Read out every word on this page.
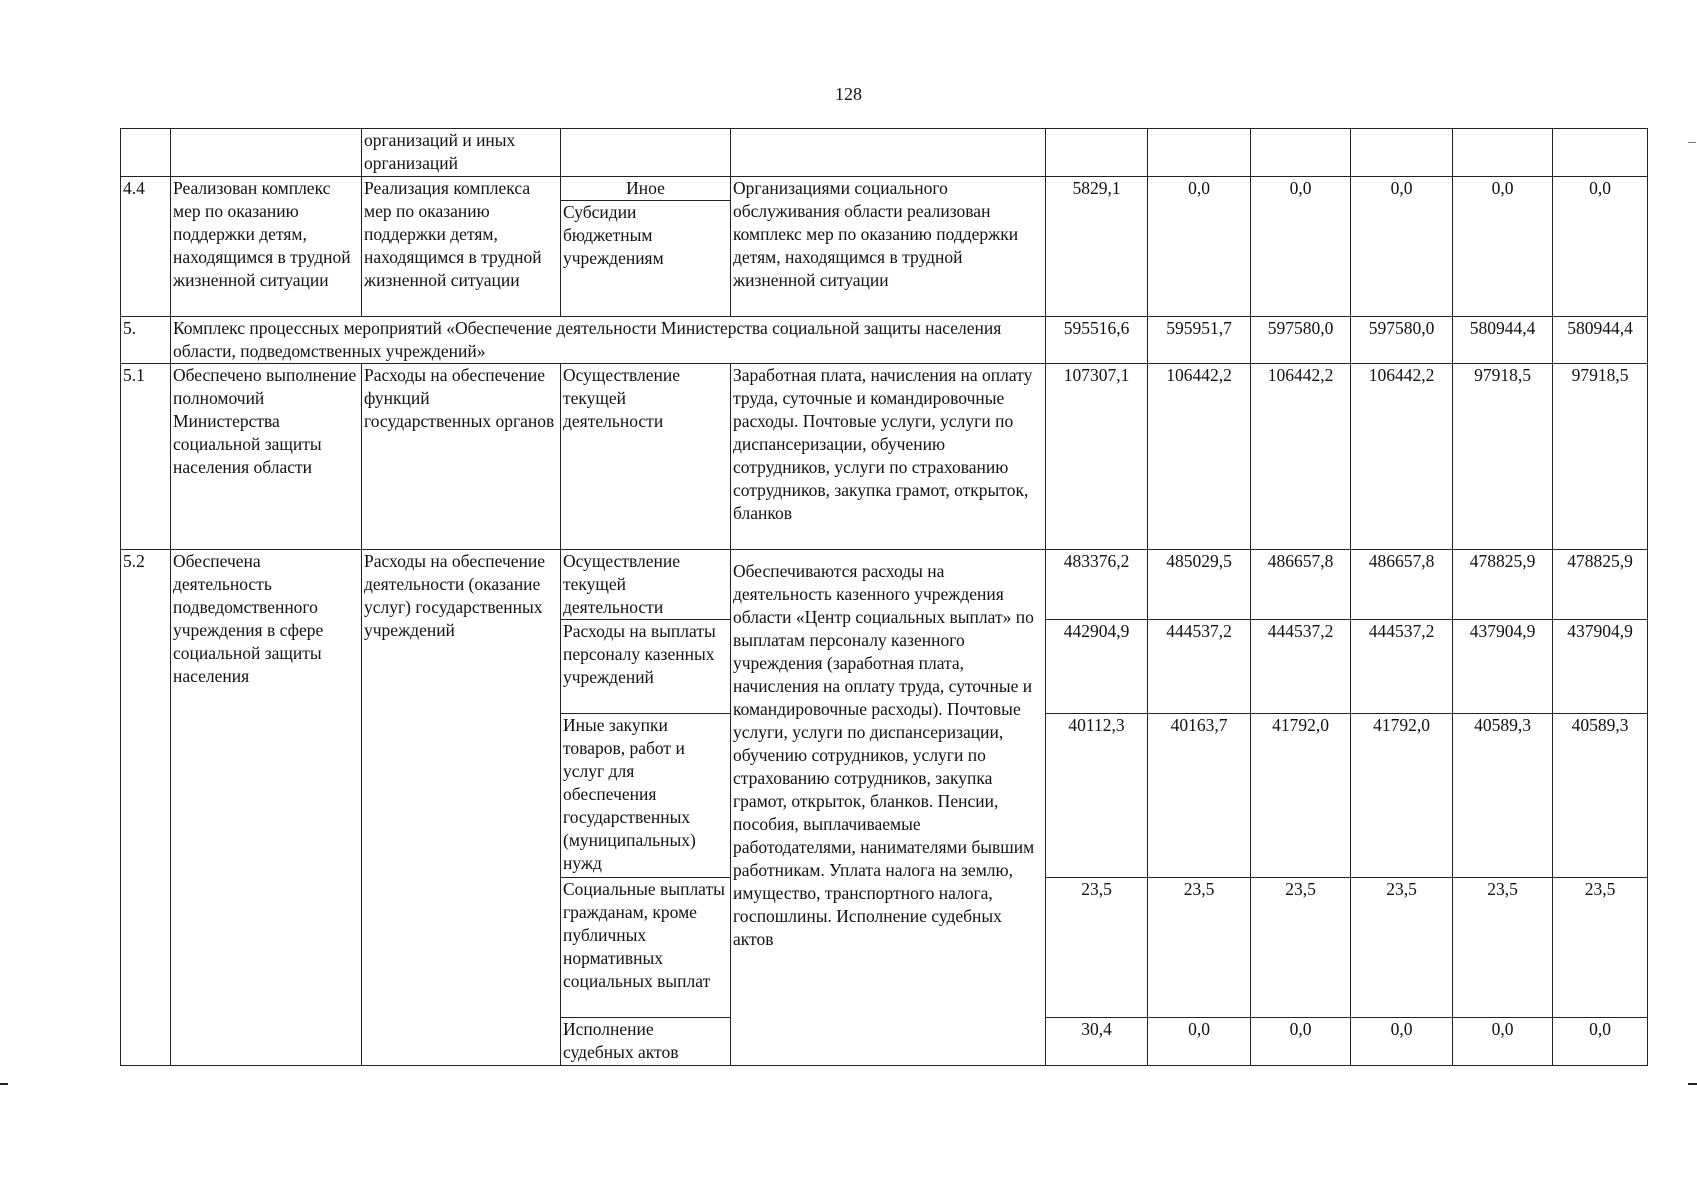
128
		организаций и иных организаций								
4.4	Реализован комплекс мер по оказанию поддержки детям, находящимся в трудной жизненной ситуации	Реализация комплекса мер по оказанию поддержки детям, находящимся в трудной жизненной ситуации	Иное	Организациями социального обслуживания области реализован комплекс мер по оказанию поддержки детям, находящимся в трудной жизненной ситуации	5829,1	0,0	0,0	0,0	0,0	0,0
			Субсидии бюджетным учреждениям							
5.	Комплекс процессных мероприятий «Обеспечение деятельности Министерства социальной защиты населения области, подведомственных учреждений»				595516,6	595951,7	597580,0	597580,0	580944,4	580944,4
5.1	Обеспечено выполнение полномочий Министерства социальной защиты населения области	Расходы на обеспечение функций государственных органов	Осуществление текущей деятельности	Заработная плата, начисления на оплату труда, суточные и командировочные расходы. Почтовые услуги, услуги по диспансеризации, обучению сотрудников, услуги по страхованию сотрудников, закупка грамот, открыток, бланков	107307,1	106442,2	106442,2	106442,2	97918,5	97918,5
5.2	Обеспечена деятельность подведомственного учреждения в сфере социальной защиты населения	Расходы на обеспечение деятельности (оказание услуг) государственных учреждений	Осуществление текущей деятельности	Обеспечиваются расходы на деятельность казенного учреждения области «Центр социальных выплат» по выплатам персоналу казенного учреждения (заработная плата, начисления на оплату труда, суточные и командировочные расходы). Почтовые услуги, услуги по диспансеризации, обучению сотрудников, услуги по страхованию сотрудников, закупка грамот, открыток, бланков. Пенсии, пособия, выплачиваемые работодателями, нанимателями бывшим работникам. Уплата налога на землю, имущество, транспортного налога, госпошлины. Исполнение судебных актов	483376,2	485029,5	486657,8	486657,8	478825,9	478825,9
			Расходы на выплаты персоналу казенных учреждений		442904,9	444537,2	444537,2	444537,2	437904,9	437904,9
			Иные закупки товаров, работ и услуг для обеспечения государственных (муниципальных) нужд		40112,3	40163,7	41792,0	41792,0	40589,3	40589,3
			Социальные выплаты гражданам, кроме публичных нормативных социальных выплат		23,5	23,5	23,5	23,5	23,5	23,5
			Исполнение судебных актов		30,4	0,0	0,0	0,0	0,0	0,0
